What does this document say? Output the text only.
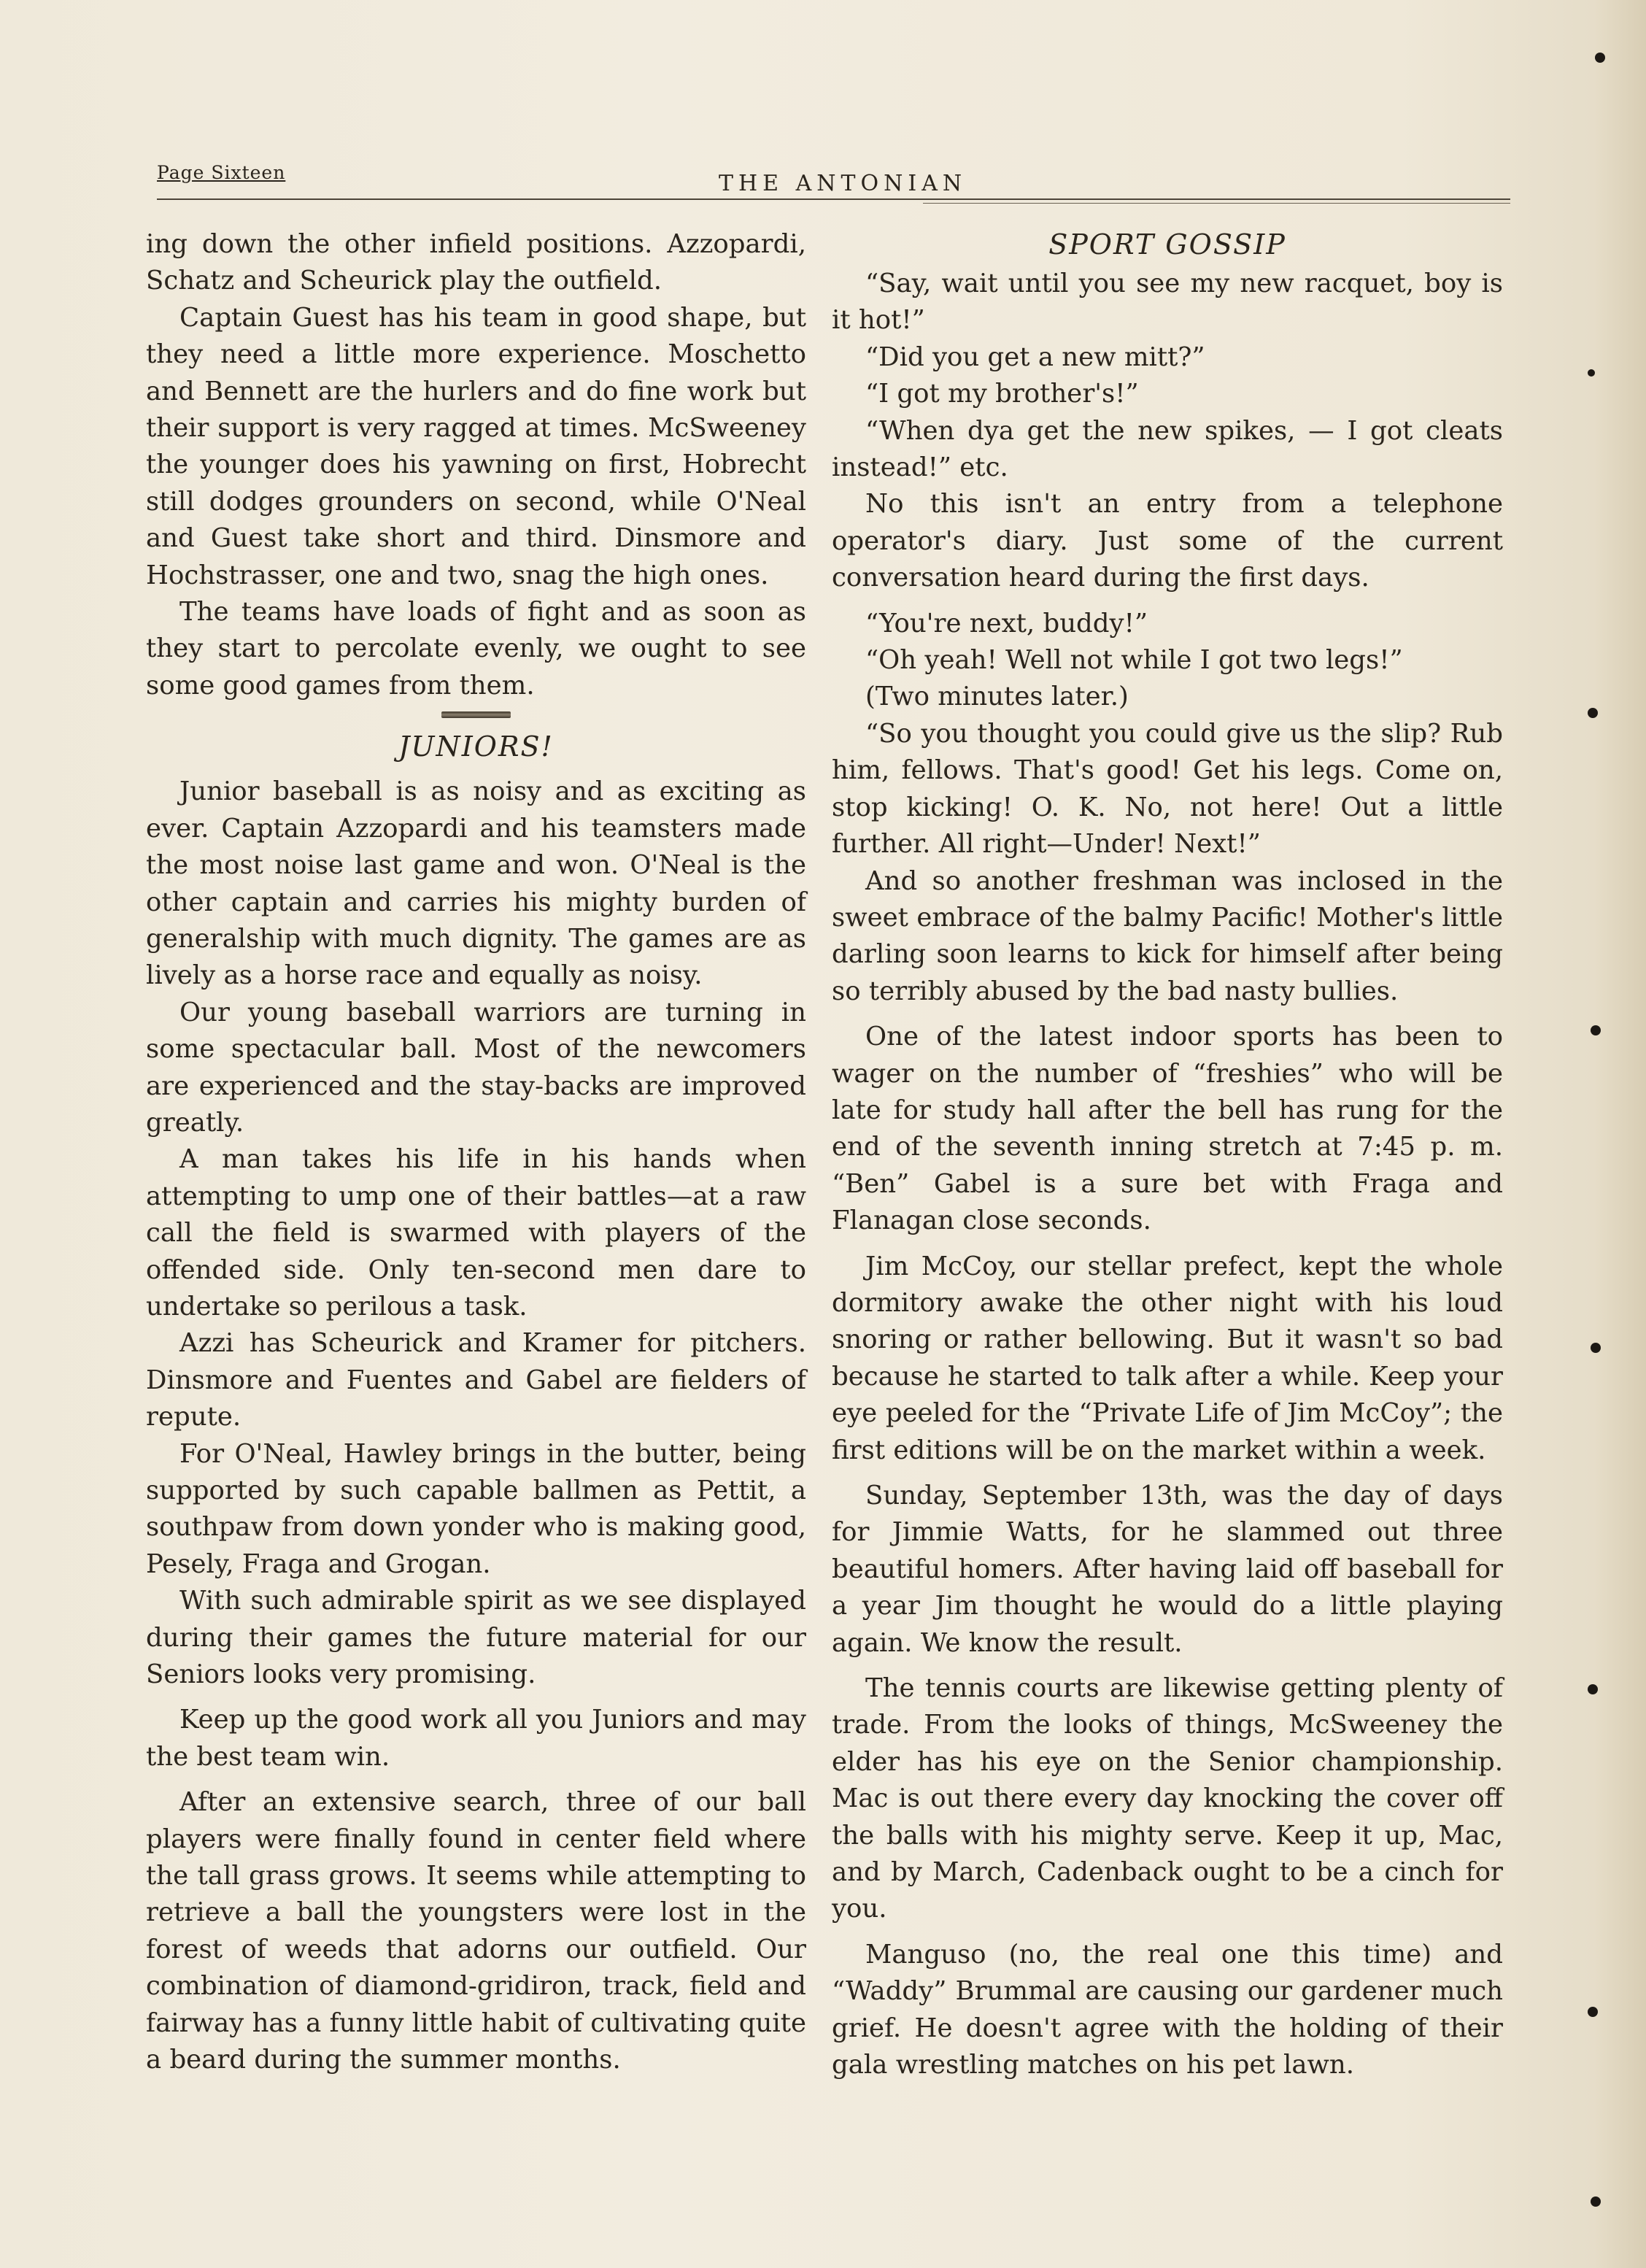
Page Sixteen	THE ANTONIAN

ing down the other infield positions. Azzopardi, Schatz and Scheurick play the outfield.

Captain Guest has his team in good shape, but they need a little more experience. Moschetto and Bennett are the hurlers and do fine work but their support is very ragged at times. McSweeney the younger does his yawning on first, Hobrecht still dodges grounders on second, while O'Neal and Guest take short and third. Dinsmore and Hochstrasser, one and two, snag the high ones.

The teams have loads of fight and as soon as they start to percolate evenly, we ought to see some good games from them.

JUNIORS!

Junior baseball is as noisy and as exciting as ever. Captain Azzopardi and his teamsters made the most noise last game and won. O'Neal is the other captain and carries his mighty burden of generalship with much dignity. The games are as lively as a horse race and equally as noisy.

Our young baseball warriors are turning in some spectacular ball. Most of the newcomers are experienced and the stay-backs are improved greatly.

A man takes his life in his hands when attempting to ump one of their battles—at a raw call the field is swarmed with players of the offended side. Only ten-second men dare to undertake so perilous a task.

Azzi has Scheurick and Kramer for pitchers. Dinsmore and Fuentes and Gabel are fielders of repute.

For O'Neal, Hawley brings in the butter, being supported by such capable ballmen as Pettit, a southpaw from down yonder who is making good, Pesely, Fraga and Grogan.

With such admirable spirit as we see displayed during their games the future material for our Seniors looks very promising.

Keep up the good work all you Juniors and may the best team win.

After an extensive search, three of our ball players were finally found in center field where the tall grass grows. It seems while attempting to retrieve a ball the youngsters were lost in the forest of weeds that adorns our outfield. Our combination of diamond-gridiron, track, field and fairway has a funny little habit of cultivating quite a beard during the summer months.

SPORT GOSSIP

“Say, wait until you see my new racquet, boy is it hot!”

“Did you get a new mitt?”

“I got my brother's!”

“When dya get the new spikes, — I got cleats instead!” etc.

No this isn't an entry from a telephone operator's diary. Just some of the current conversation heard during the first days.

“You're next, buddy!”

“Oh yeah! Well not while I got two legs!”

(Two minutes later.)

“So you thought you could give us the slip? Rub him, fellows. That's good! Get his legs. Come on, stop kicking! O. K. No, not here! Out a little further. All right—Under! Next!”

And so another freshman was inclosed in the sweet embrace of the balmy Pacific! Mother's little darling soon learns to kick for himself after being so terribly abused by the bad nasty bullies.

One of the latest indoor sports has been to wager on the number of “freshies” who will be late for study hall after the bell has rung for the end of the seventh inning stretch at 7:45 p. m. “Ben” Gabel is a sure bet with Fraga and Flanagan close seconds.

Jim McCoy, our stellar prefect, kept the whole dormitory awake the other night with his loud snoring or rather bellowing. But it wasn't so bad because he started to talk after a while. Keep your eye peeled for the “Private Life of Jim McCoy”; the first editions will be on the market within a week.

Sunday, September 13th, was the day of days for Jimmie Watts, for he slammed out three beautiful homers. After having laid off baseball for a year Jim thought he would do a little playing again. We know the result.

The tennis courts are likewise getting plenty of trade. From the looks of things, McSweeney the elder has his eye on the Senior championship. Mac is out there every day knocking the cover off the balls with his mighty serve. Keep it up, Mac, and by March, Cadenback ought to be a cinch for you.

Manguso (no, the real one this time) and “Waddy” Brummal are causing our gardener much grief. He doesn't agree with the holding of their gala wrestling matches on his pet lawn.
